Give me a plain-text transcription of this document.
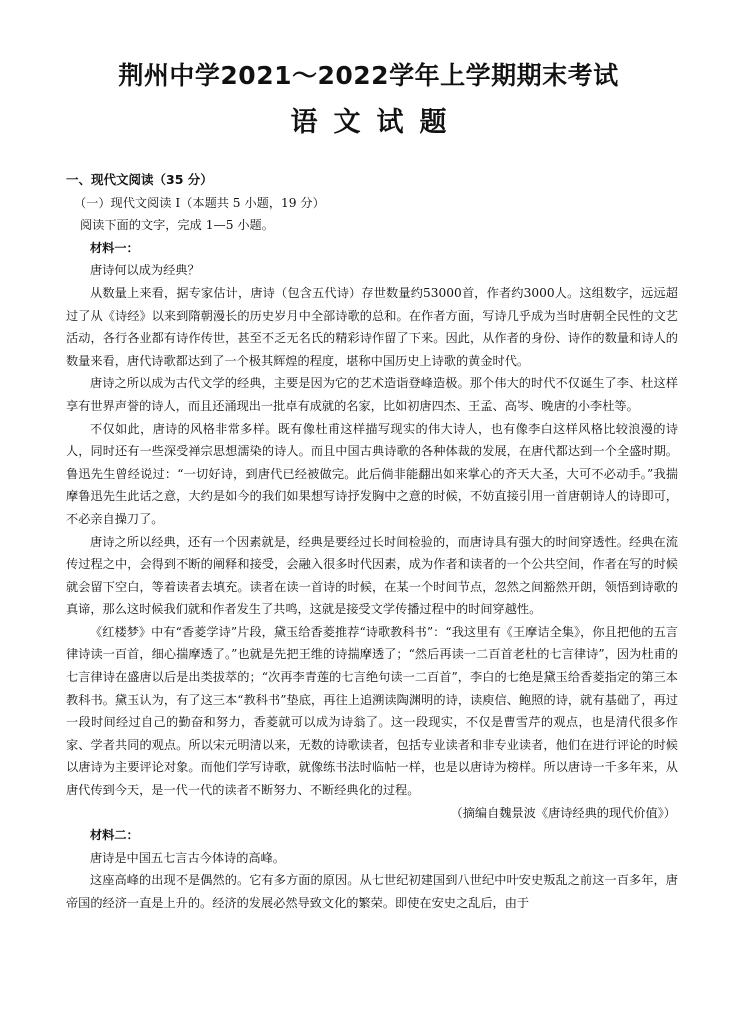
荆州中学2021～2022学年上学期期末考试
语文试题
一、现代文阅读（35 分）
（一）现代文阅读 I（本题共 5 小题，19 分）
阅读下面的文字，完成 1—5 小题。
材料一：
唐诗何以成为经典？

从数量上来看，据专家估计，唐诗（包含五代诗）存世数量约53000首，作者约3000人。这组数字，远远超过了从《诗经》以来到隋朝漫长的历史岁月中全部诗歌的总和。在作者方面，写诗几乎成为当时唐朝全民性的文艺活动，各行各业都有诗作传世，甚至不乏无名氏的精彩诗作留了下来。因此，从作者的身份、诗作的数量和诗人的数量来看，唐代诗歌都达到了一个极其辉煌的程度，堪称中国历史上诗歌的黄金时代。

唐诗之所以成为古代文学的经典，主要是因为它的艺术造诣登峰造极。那个伟大的时代不仅诞生了李、杜这样享有世界声誉的诗人，而且还涌现出一批卓有成就的名家，比如初唐四杰、王孟、高岑、晚唐的小李杜等。

不仅如此，唐诗的风格非常多样。既有像杜甫这样描写现实的伟大诗人，也有像李白这样风格比较浪漫的诗人，同时还有一些深受禅宗思想濡染的诗人。而且中国古典诗歌的各种体裁的发展，在唐代都达到一个全盛时期。鲁迅先生曾经说过：“一切好诗，到唐代已经被做完。此后倘非能翻出如来掌心的齐天大圣，大可不必动手。”我揣摩鲁迅先生此话之意，大约是如今的我们如果想写诗抒发胸中之意的时候，不妨直接引用一首唐朝诗人的诗即可，不必亲自操刀了。

唐诗之所以经典，还有一个因素就是，经典是要经过长时间检验的，而唐诗具有强大的时间穿透性。经典在流传过程之中，会得到不断的阐释和接受，会融入很多时代因素，成为作者和读者的一个公共空间，作者在写的时候就会留下空白，等着读者去填充。读者在读一首诗的时候，在某一个时间节点，忽然之间豁然开朗，领悟到诗歌的真谛，那么这时候我们就和作者发生了共鸣，这就是接受文学传播过程中的时间穿越性。

《红楼梦》中有“香菱学诗”片段，黛玉给香菱推荐“诗歌教科书”：“我这里有《王摩诘全集》，你且把他的五言律诗读一百首，细心揣摩透了。”也就是先把王维的诗揣摩透了；“然后再读一二百首老杜的七言律诗”，因为杜甫的七言律诗在盛唐以后是出类拔萃的；“次再李青莲的七言绝句读一二百首”，李白的七绝是黛玉给香菱指定的第三本教科书。黛玉认为，有了这三本“教科书”垫底，再往上追溯读陶渊明的诗，读庾信、鲍照的诗，就有基础了，再过一段时间经过自己的勤奋和努力，香菱就可以成为诗翁了。这一段现实，不仅是曹雪芹的观点，也是清代很多作家、学者共同的观点。所以宋元明清以来，无数的诗歌读者，包括专业读者和非专业读者，他们在进行评论的时候以唐诗为主要评论对象。而他们学写诗歌，就像练书法时临帖一样，也是以唐诗为榜样。所以唐诗一千多年来，从唐代传到今天，是一代一代的读者不断努力、不断经典化的过程。

（摘编自魏景波《唐诗经典的现代价值》）
材料二：
唐诗是中国五七言古今体诗的高峰。

这座高峰的出现不是偶然的。它有多方面的原因。从七世纪初建国到八世纪中叶安史叛乱之前这一百多年，唐帝国的经济一直是上升的。经济的发展必然导致文化的繁荣。即使在安史之乱后，由于
